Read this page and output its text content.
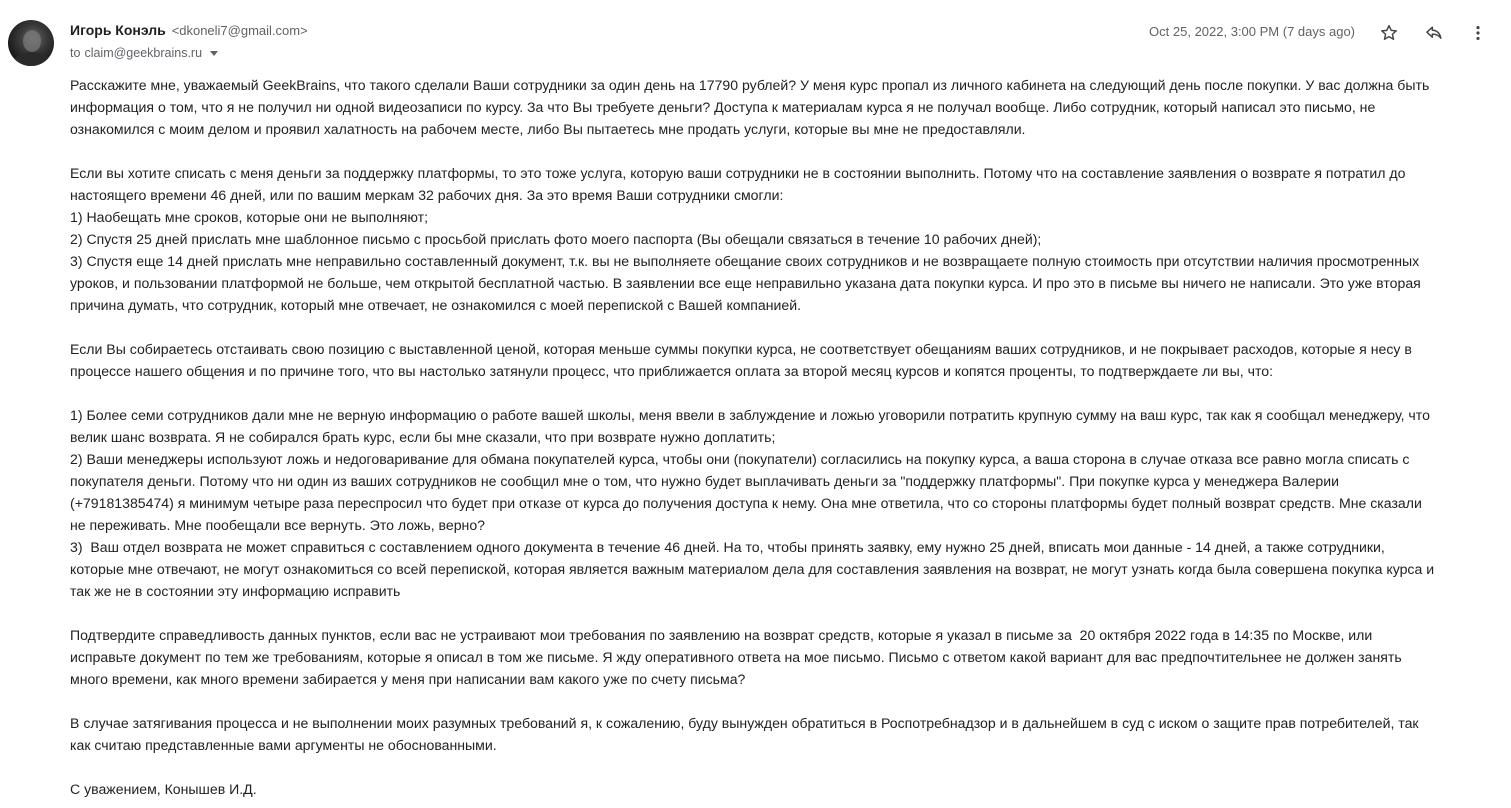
Игорь Конэль <dkoneli7@gmail.com>
to claim@geekbrains.ru
Oct 25, 2022, 3:00 PM (7 days ago)

Расскажите мне, уважаемый GeekBrains, что такого сделали Ваши сотрудники за один день на 17790 рублей? У меня курс пропал из личного кабинета на следующий день после покупки. У вас должна быть

информация о том, что я не получил ни одной видеозаписи по курсу. За что Вы требуете деньги? Доступа к материалам курса я не получал вообще. Либо сотрудник, который написал это письмо, не

ознакомился с моим делом и проявил халатность на рабочем месте, либо Вы пытаетесь мне продать услуги, которые вы мне не предоставляли.

Если вы хотите списать с меня деньги за поддержку платформы, то это тоже услуга, которую ваши сотрудники не в состоянии выполнить. Потому что на составление заявления о возврате я потратил до

настоящего времени 46 дней, или по вашим меркам 32 рабочих дня. За это время Ваши сотрудники смогли:

1) Наобещать мне сроков, которые они не выполняют;

2) Спустя 25 дней прислать мне шаблонное письмо с просьбой прислать фото моего паспорта (Вы обещали связаться в течение 10 рабочих дней);

3) Спустя еще 14 дней прислать мне неправильно составленный документ, т.к. вы не выполняете обещание своих сотрудников и не возвращаете полную стоимость при отсутствии наличия просмотренных

уроков, и пользовании платформой не больше, чем открытой бесплатной частью. В заявлении все еще неправильно указана дата покупки курса. И про это в письме вы ничего не написали. Это уже вторая

причина думать, что сотрудник, который мне отвечает, не ознакомился с моей перепиской с Вашей компанией.

Если Вы собираетесь отстаивать свою позицию с выставленной ценой, которая меньше суммы покупки курса, не соответствует обещаниям ваших сотрудников, и не покрывает расходов, которые я несу в

процессе нашего общения и по причине того, что вы настолько затянули процесс, что приближается оплата за второй месяц курсов и копятся проценты, то подтверждаете ли вы, что:

1) Более семи сотрудников дали мне не верную информацию о работе вашей школы, меня ввели в заблуждение и ложью уговорили потратить крупную сумму на ваш курс, так как я сообщал менеджеру, что

велик шанс возврата. Я не собирался брать курс, если бы мне сказали, что при возврате нужно доплатить;

2) Ваши менеджеры используют ложь и недоговаривание для обмана покупателей курса, чтобы они (покупатели) согласились на покупку курса, а ваша сторона в случае отказа все равно могла списать с

покупателя деньги. Потому что ни один из ваших сотрудников не сообщил мне о том, что нужно будет выплачивать деньги за "поддержку платформы". При покупке курса у менеджера Валерии

(+79181385474) я минимум четыре раза переспросил что будет при отказе от курса до получения доступа к нему. Она мне ответила, что со стороны платформы будет полный возврат средств. Мне сказали

не переживать. Мне пообещали все вернуть. Это ложь, верно?

3)  Ваш отдел возврата не может справиться с составлением одного документа в течение 46 дней. На то, чтобы принять заявку, ему нужно 25 дней, вписать мои данные - 14 дней, а также сотрудники,

которые мне отвечают, не могут ознакомиться со всей перепиской, которая является важным материалом дела для составления заявления на возврат, не могут узнать когда была совершена покупка курса и

так же не в состоянии эту информацию исправить

Подтвердите справедливость данных пунктов, если вас не устраивают мои требования по заявлению на возврат средств, которые я указал в письме за  20 октября 2022 года в 14:35 по Москве, или

исправьте документ по тем же требованиям, которые я описал в том же письме. Я жду оперативного ответа на мое письмо. Письмо с ответом какой вариант для вас предпочтительнее не должен занять

много времени, как много времени забирается у меня при написании вам какого уже по счету письма?

В случае затягивания процесса и не выполнении моих разумных требований я, к сожалению, буду вынужден обратиться в Роспотребнадзор и в дальнейшем в суд с иском о защите прав потребителей, так

как считаю представленные вами аргументы не обоснованными.

С уважением, Конышев И.Д.
